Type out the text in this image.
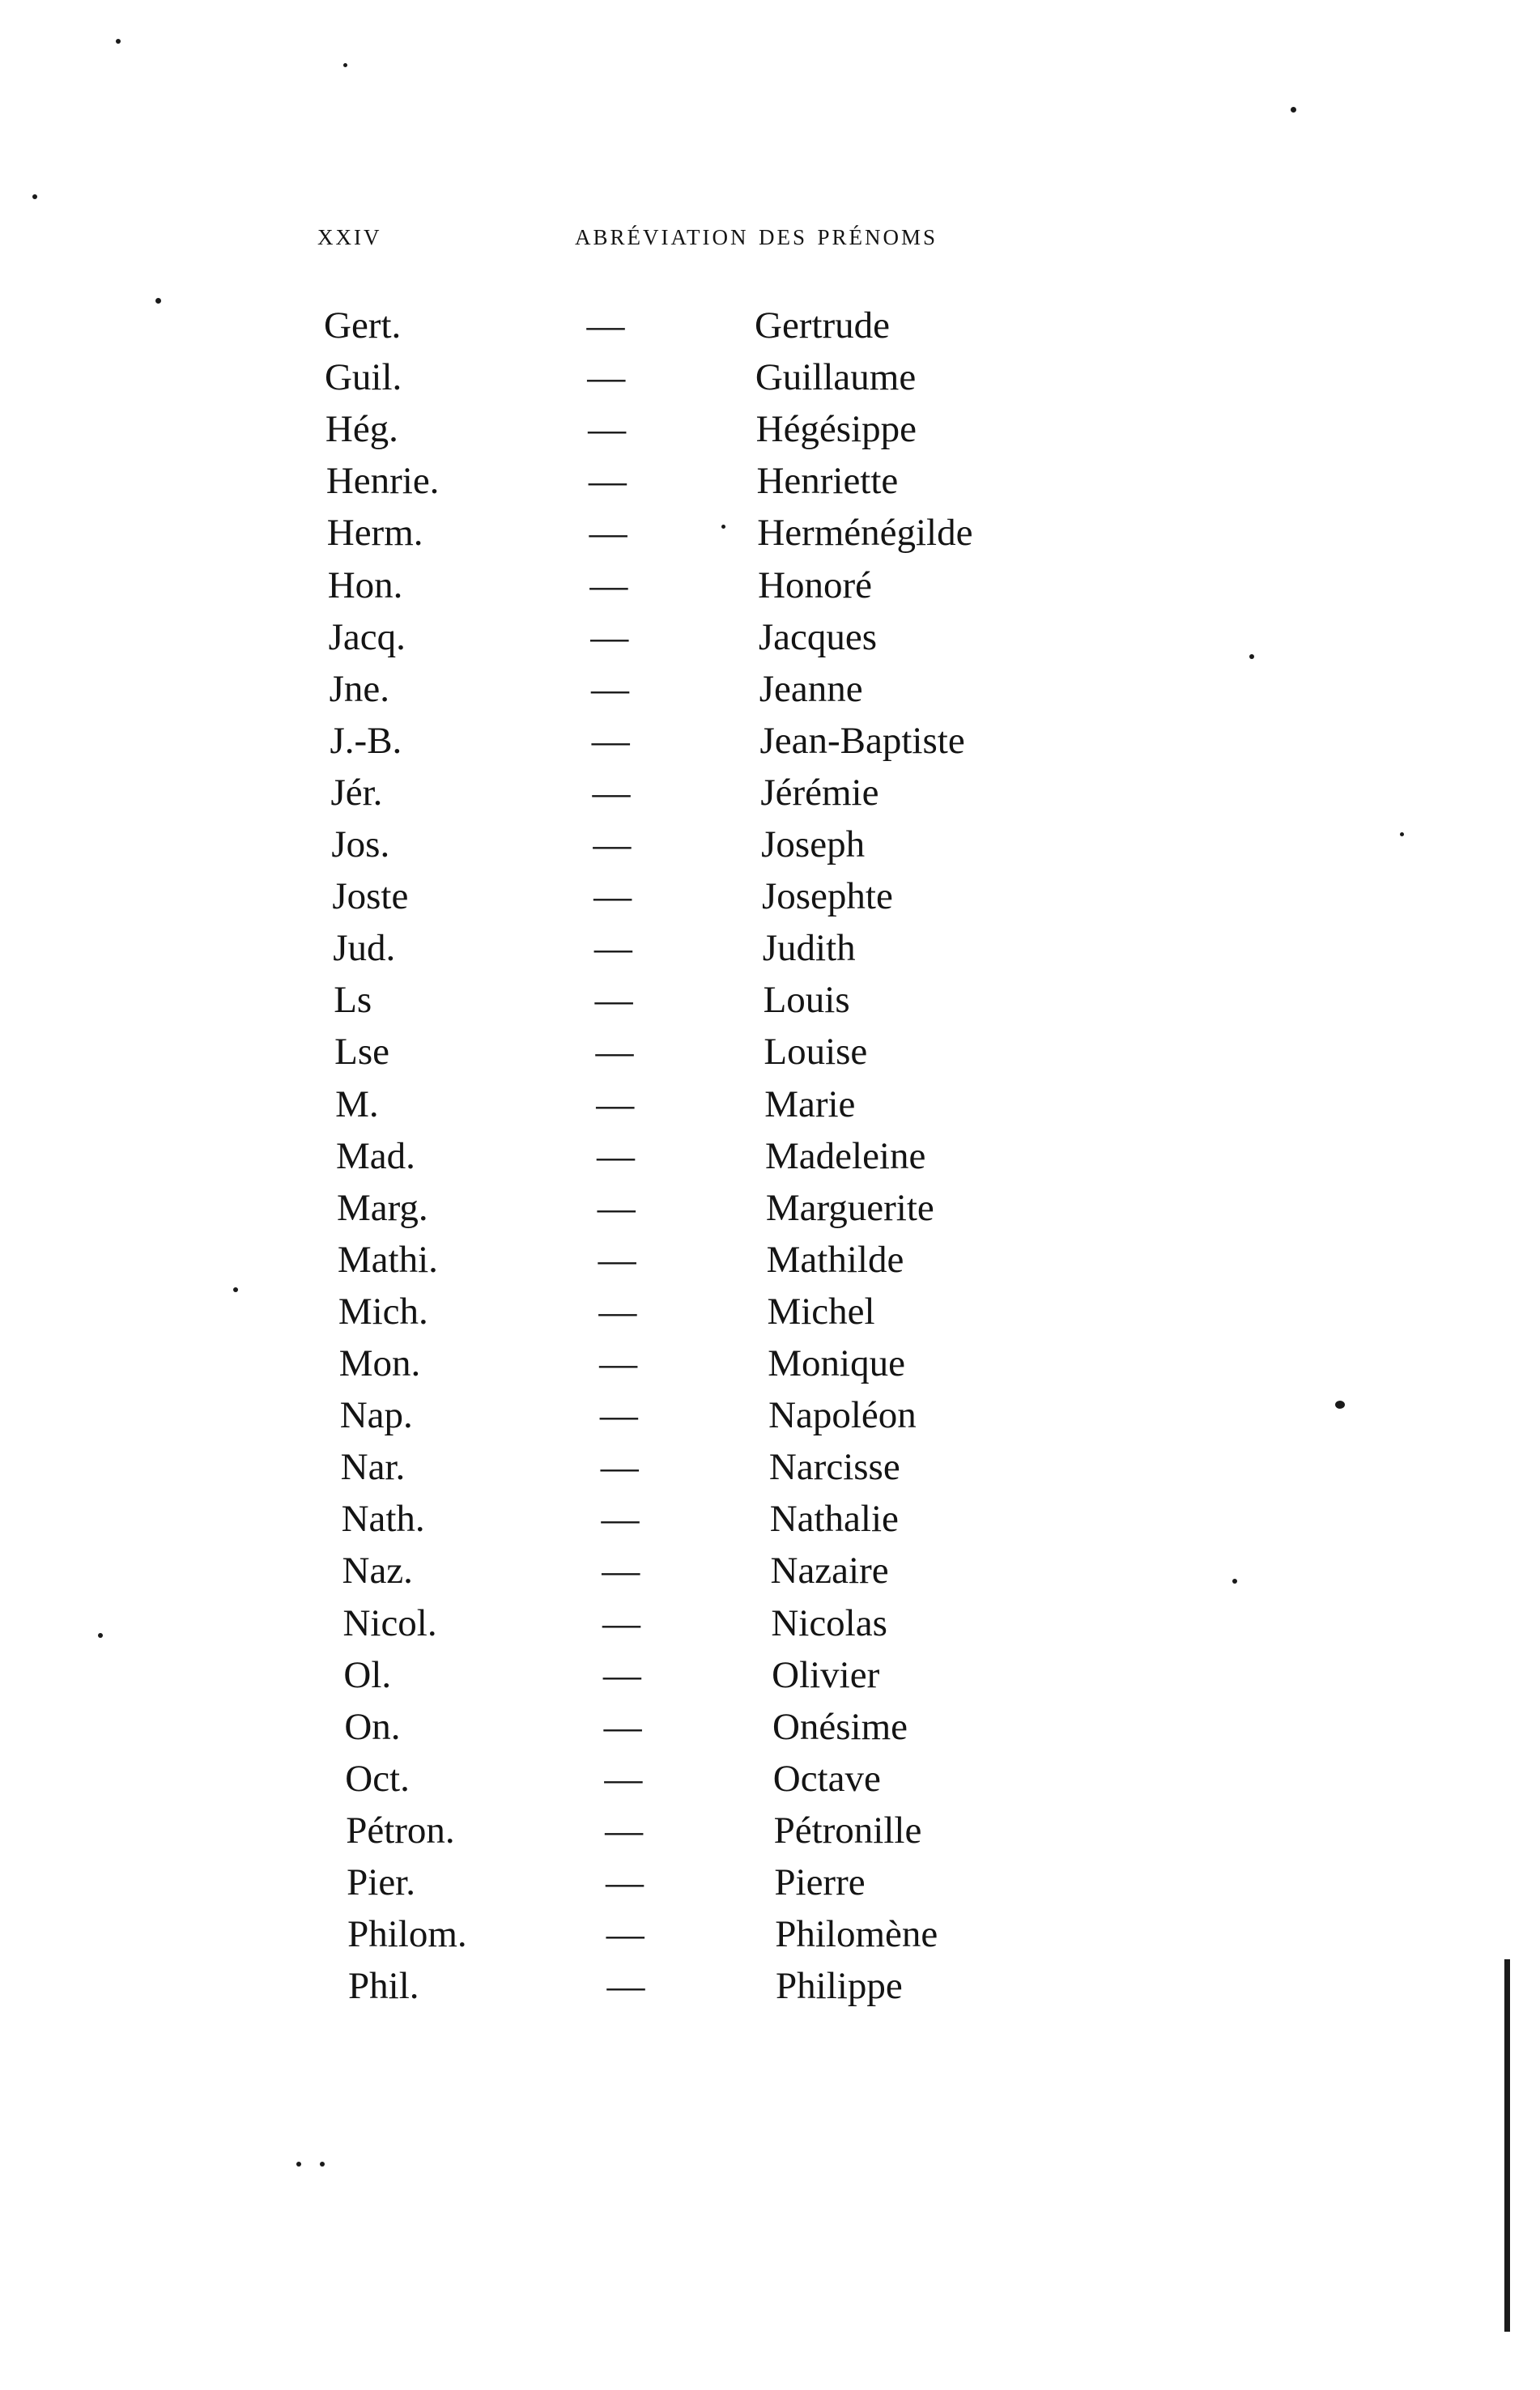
xxiv	abréviation des prénoms
Gert.	—	Gertrude
Guil.	—	Guillaume
Hég.	—	Hégésippe
Henrie.	—	Henriette
Herm.	—	Herménégilde
Hon.	—	Honoré
Jacq.	—	Jacques
Jne.	—	Jeanne
J.-B.	—	Jean-Baptiste
Jér.	—	Jérémie
Jos.	—	Joseph
Joste	—	Josephte
Jud.	—	Judith
Ls	—	Louis
Lse	—	Louise
M.	—	Marie
Mad.	—	Madeleine
Marg.	—	Marguerite
Mathi.	—	Mathilde
Mich.	—	Michel
Mon.	—	Monique
Nap.	—	Napoléon
Nar.	—	Narcisse
Nath.	—	Nathalie
Naz.	—	Nazaire
Nicol.	—	Nicolas
Ol.	—	Olivier
On.	—	Onésime
Oct.	—	Octave
Pétron.	—	Pétronille
Pier.	—	Pierre
Philom.	—	Philomène
Phil.	—	Philippe
